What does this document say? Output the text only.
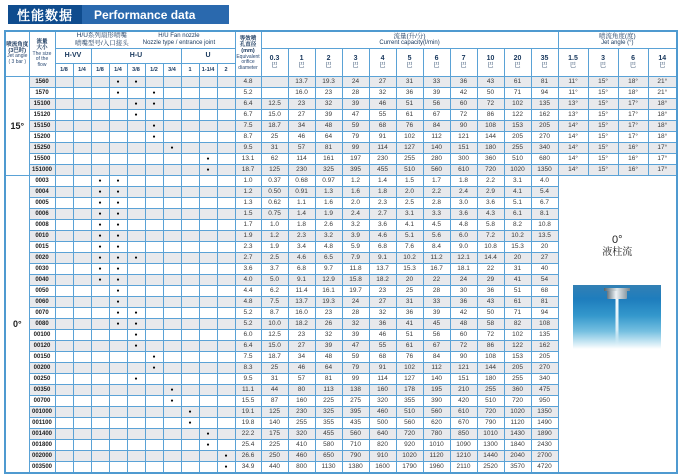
性能数据	Performance data
喷流角度
(3巴时)
Jet angle
( 3 bar )

流量
大小
The size
of the
flow

H/U系列扇形喷嘴
喷嘴型号/入口接头
H/U Fan nozzle
Nozzle type / entrance joint

等效喷
孔直径
(mm)
Equivalent
orifice
diameter

流量(升/分)
Current capacity(l/min)

喷流角度(度)
Jet angle (°)

		H-VV		H-U					U				0.3
巴	1
巴	2
巴	3
巴	4
巴	5
巴	6
巴	7
巴	10
巴	20
巴	35
巴	1.5
巴	3
巴	6
巴	14
巴

		1/8	1/4	1/8	1/4	3/8	1/2	3/4	1	1-1/4	2																
15°	1560				●	●						4.8		13.7	19.3	24	27	31	33	36	43	61	81	11°	15°	18°	21°
	1570				●		●					5.2		16.0	23	28	32	36	39	42	50	71	94	11°	15°	18°	21°
	15100					●	●					6.4	12.5	23	32	39	46	51	56	60	72	102	135	13°	15°	17°	18°
	15120					●						6.7	15.0	27	39	47	55	61	67	72	86	122	162	13°	15°	17°	18°
	15150						●					7.5	18.7	34	48	59	68	76	84	90	108	153	205	14°	15°	17°	18°
	15200						●					8.7	25	46	64	79	91	102	112	121	144	205	270	14°	15°	17°	18°
	15250							●				9.5	31	57	81	99	114	127	140	151	180	255	340	14°	15°	16°	17°
	15500									●		13.1	62	114	161	197	230	255	280	300	360	510	680	14°	15°	16°	17°
	151000									●		18.7	125	230	325	395	455	510	560	610	720	1020	1350	14°	15°	16°	17°
0°	0003			●	●							1.0	0.37	0.68	0.97	1.2	1.4	1.5	1.7	1.8	2.2	3.1	4.0	0°
液柱流			

	0004			●	●							1.2	0.50	0.91	1.3	1.6	1.8	2.0	2.2	2.4	2.9	4.1	5.4				
	0005			●	●							1.3	0.62	1.1	1.6	2.0	2.3	2.5	2.8	3.0	3.6	5.1	6.7				
	0006			●	●							1.5	0.75	1.4	1.9	2.4	2.7	3.1	3.3	3.6	4.3	6.1	8.1				
	0008			●	●							1.7	1.0	1.8	2.6	3.2	3.6	4.1	4.5	4.8	5.8	8.2	10.8				
	0010			●	●							1.9	1.2	2.3	3.2	3.9	4.6	5.1	5.6	6.0	7.2	10.2	13.5				
	0015			●	●							2.3	1.9	3.4	4.8	5.9	6.8	7.6	8.4	9.0	10.8	15.3	20				
	0020			●	●	●						2.7	2.5	4.6	6.5	7.9	9.1	10.2	11.2	12.1	14.4	20	27				
	0030			●	●							3.6	3.7	6.8	9.7	11.8	13.7	15.3	16.7	18.1	22	31	40				
	0040			●	●							4.0	5.0	9.1	12.9	15.8	18.2	20	22	24	29	41	54				
	0050				●							4.4	6.2	11.4	16.1	19.7	23	25	28	30	36	51	68				
	0060				●							4.8	7.5	13.7	19.3	24	27	31	33	36	43	61	81				
	0070				●	●						5.2	8.7	16.0	23	28	32	36	39	42	50	71	94				
	0080				●	●						5.2	10.0	18.2	26	32	36	41	45	48	58	82	108				
	00100					●						6.0	12.5	23	32	39	46	51	56	60	72	102	135				
	00120					●						6.4	15.0	27	39	47	55	61	67	72	86	122	162				
	00150						●					7.5	18.7	34	48	59	68	76	84	90	108	153	205				
	00200						●					8.3	25	46	64	79	91	102	112	121	144	205	270				
	00250					●						9.5	31	57	81	99	114	127	140	151	180	255	340				
	00350							●				11.1	44	80	113	138	160	178	195	210	255	360	475				
	00700							●				15.5	87	160	225	275	320	355	390	420	510	720	950				
	001000								●			19.1	125	230	325	395	460	510	560	610	720	1020	1350				
	001100								●			19.8	140	255	355	435	500	560	620	670	790	1120	1490				
	001400									●		22.2	175	320	455	560	640	720	780	850	1010	1430	1890				
	001800									●		25.4	225	410	580	710	820	920	1010	1090	1300	1840	2430				
	002000										●	26.6	250	460	650	790	910	1020	1120	1210	1440	2040	2700				
	003500										●	34.9	440	800	1130	1380	1600	1790	1960	2110	2520	3570	4720				
